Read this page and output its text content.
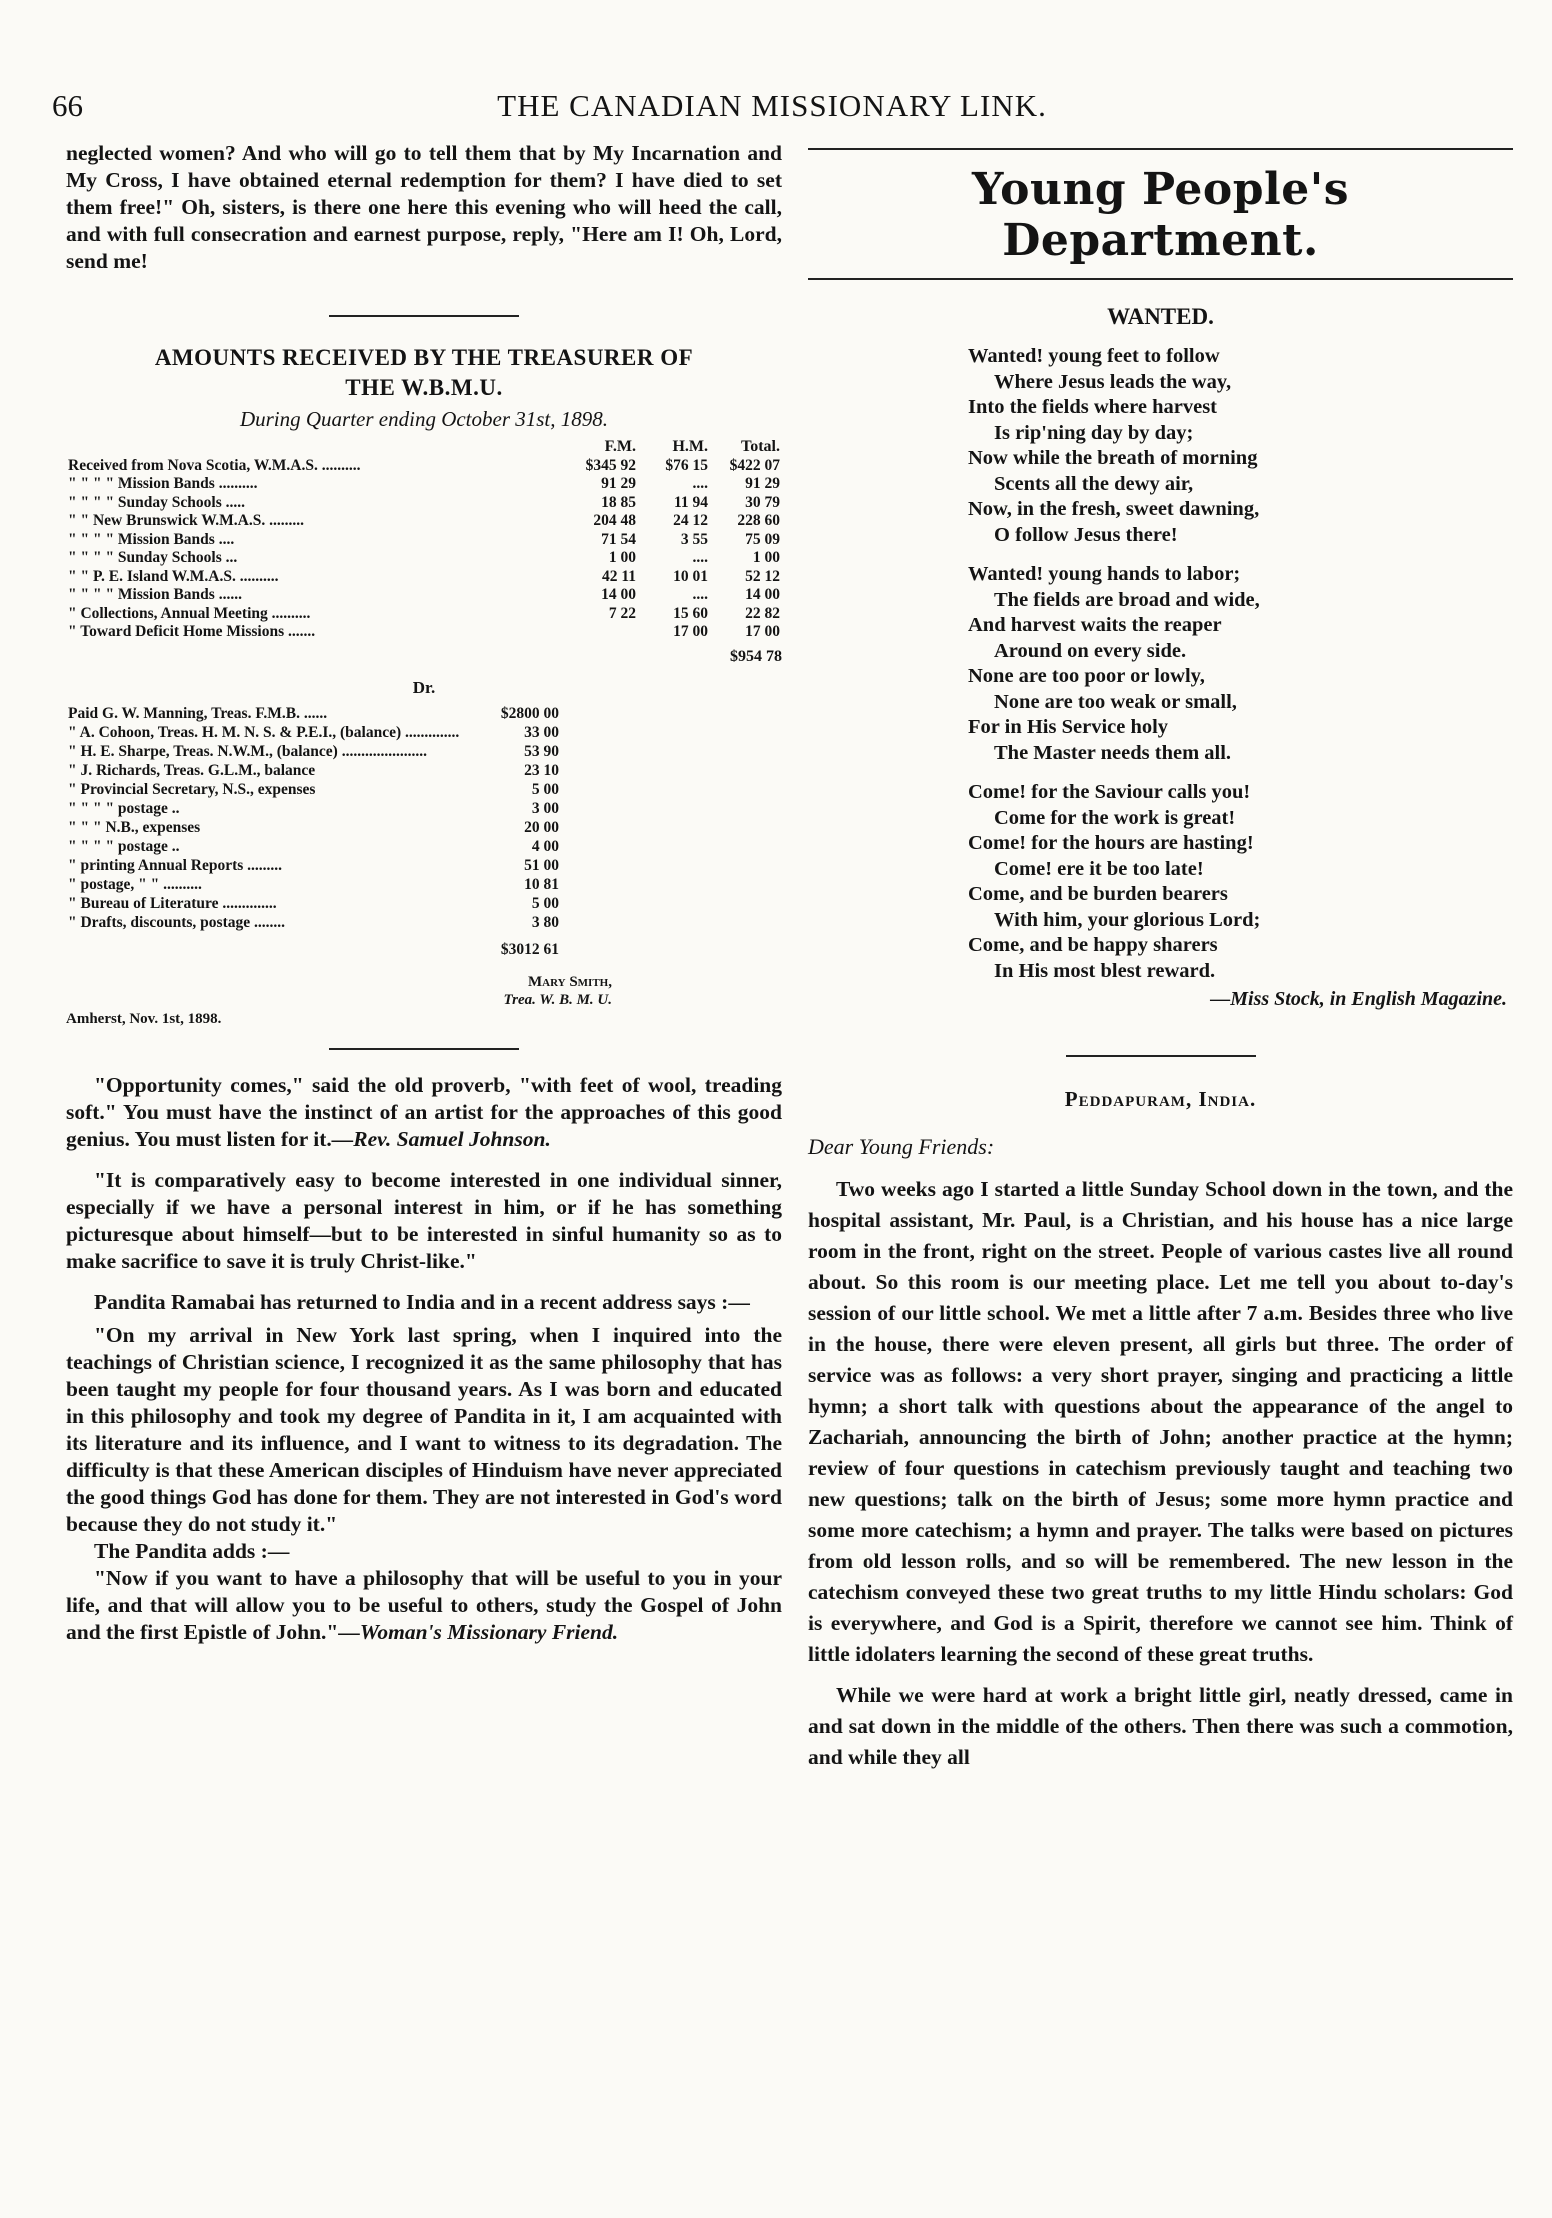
66	THE CANADIAN MISSIONARY LINK.

neglected women? And who will go to tell them that by My Incarnation and My Cross, I have obtained eternal redemption for them? I have died to set them free!" Oh, sisters, is there one here this evening who will heed the call, and with full consecration and earnest purpose, reply, "Here am I! Oh, Lord, send me!

AMOUNTS RECEIVED BY THE TREASURER OF
THE W.B.M.U.
During Quarter ending October 31st, 1898.
	F.M.	H.M.	Total.
Received from Nova Scotia, W.M.A.S. ..........	$345 92	$76 15	$422 07
" " " " Mission Bands ..........	91 29	....	91 29
" " " " Sunday Schools .....	18 85	11 94	30 79
" " New Brunswick W.M.A.S. .........	204 48	24 12	228 60
" " " " Mission Bands ....	71 54	3 55	75 09
" " " " Sunday Schools ...	1 00	....	1 00
" " P. E. Island W.M.A.S. ..........	42 11	10 01	52 12
" " " " Mission Bands ......	14 00	....	14 00
" Collections, Annual Meeting ..........	7 22	15 60	22 82
" Toward Deficit Home Missions .......		17 00	17 00
$954 78
Dr.
Paid G. W. Manning, Treas. F.M.B. ......	$2800 00
" A. Cohoon, Treas. H. M. N. S. & P.E.I., (balance) ..............	33 00
" H. E. Sharpe, Treas. N.W.M., (balance) ......................	53 90
" J. Richards, Treas. G.L.M., balance	23 10
" Provincial Secretary, N.S., expenses	5 00
" " " " postage ..	3 00
" " " N.B., expenses	20 00
" " " " postage ..	4 00
" printing Annual Reports .........	51 00
" postage, " " ..........	10 81
" Bureau of Literature ..............	5 00
" Drafts, discounts, postage ........	3 80
	$3012 61
Mary Smith,
Trea. W. B. M. U.
Amherst, Nov. 1st, 1898.

"Opportunity comes," said the old proverb, "with feet of wool, treading soft." You must have the instinct of an artist for the approaches of this good genius. You must listen for it.—Rev. Samuel Johnson.

"It is comparatively easy to become interested in one individual sinner, especially if we have a personal interest in him, or if he has something picturesque about himself—but to be interested in sinful humanity so as to make sacrifice to save it is truly Christ-like."

Pandita Ramabai has returned to India and in a recent address says :—

"On my arrival in New York last spring, when I inquired into the teachings of Christian science, I recognized it as the same philosophy that has been taught my people for four thousand years. As I was born and educated in this philosophy and took my degree of Pandita in it, I am acquainted with its literature and its influence, and I want to witness to its degradation. The difficulty is that these American disciples of Hinduism have never appreciated the good things God has done for them. They are not interested in God's word because they do not study it."

The Pandita adds :—

"Now if you want to have a philosophy that will be useful to you in your life, and that will allow you to be useful to others, study the Gospel of John and the first Epistle of John."—Woman's Missionary Friend.

Young People's Department.
WANTED.
Wanted! young feet to follow
Where Jesus leads the way,
Into the fields where harvest
Is rip'ning day by day;
Now while the breath of morning
Scents all the dewy air,
Now, in the fresh, sweet dawning,
O follow Jesus there!
Wanted! young hands to labor;
The fields are broad and wide,
And harvest waits the reaper
Around on every side.
None are too poor or lowly,
None are too weak or small,
For in His Service holy
The Master needs them all.
Come! for the Saviour calls you!
Come for the work is great!
Come! for the hours are hasting!
Come! ere it be too late!
Come, and be burden bearers
With him, your glorious Lord;
Come, and be happy sharers
In His most blest reward.
—Miss Stock, in English Magazine.
Peddapuram, India.
Dear Young Friends:

Two weeks ago I started a little Sunday School down in the town, and the hospital assistant, Mr. Paul, is a Christian, and his house has a nice large room in the front, right on the street. People of various castes live all round about. So this room is our meeting place. Let me tell you about to-day's session of our little school. We met a little after 7 a.m. Besides three who live in the house, there were eleven present, all girls but three. The order of service was as follows: a very short prayer, singing and practicing a little hymn; a short talk with questions about the appearance of the angel to Zachariah, announcing the birth of John; another practice at the hymn; review of four questions in catechism previously taught and teaching two new questions; talk on the birth of Jesus; some more hymn practice and some more catechism; a hymn and prayer. The talks were based on pictures from old lesson rolls, and so will be remembered. The new lesson in the catechism conveyed these two great truths to my little Hindu scholars: God is everywhere, and God is a Spirit, therefore we cannot see him. Think of little idolaters learning the second of these great truths.

While we were hard at work a bright little girl, neatly dressed, came in and sat down in the middle of the others. Then there was such a commotion, and while they all
